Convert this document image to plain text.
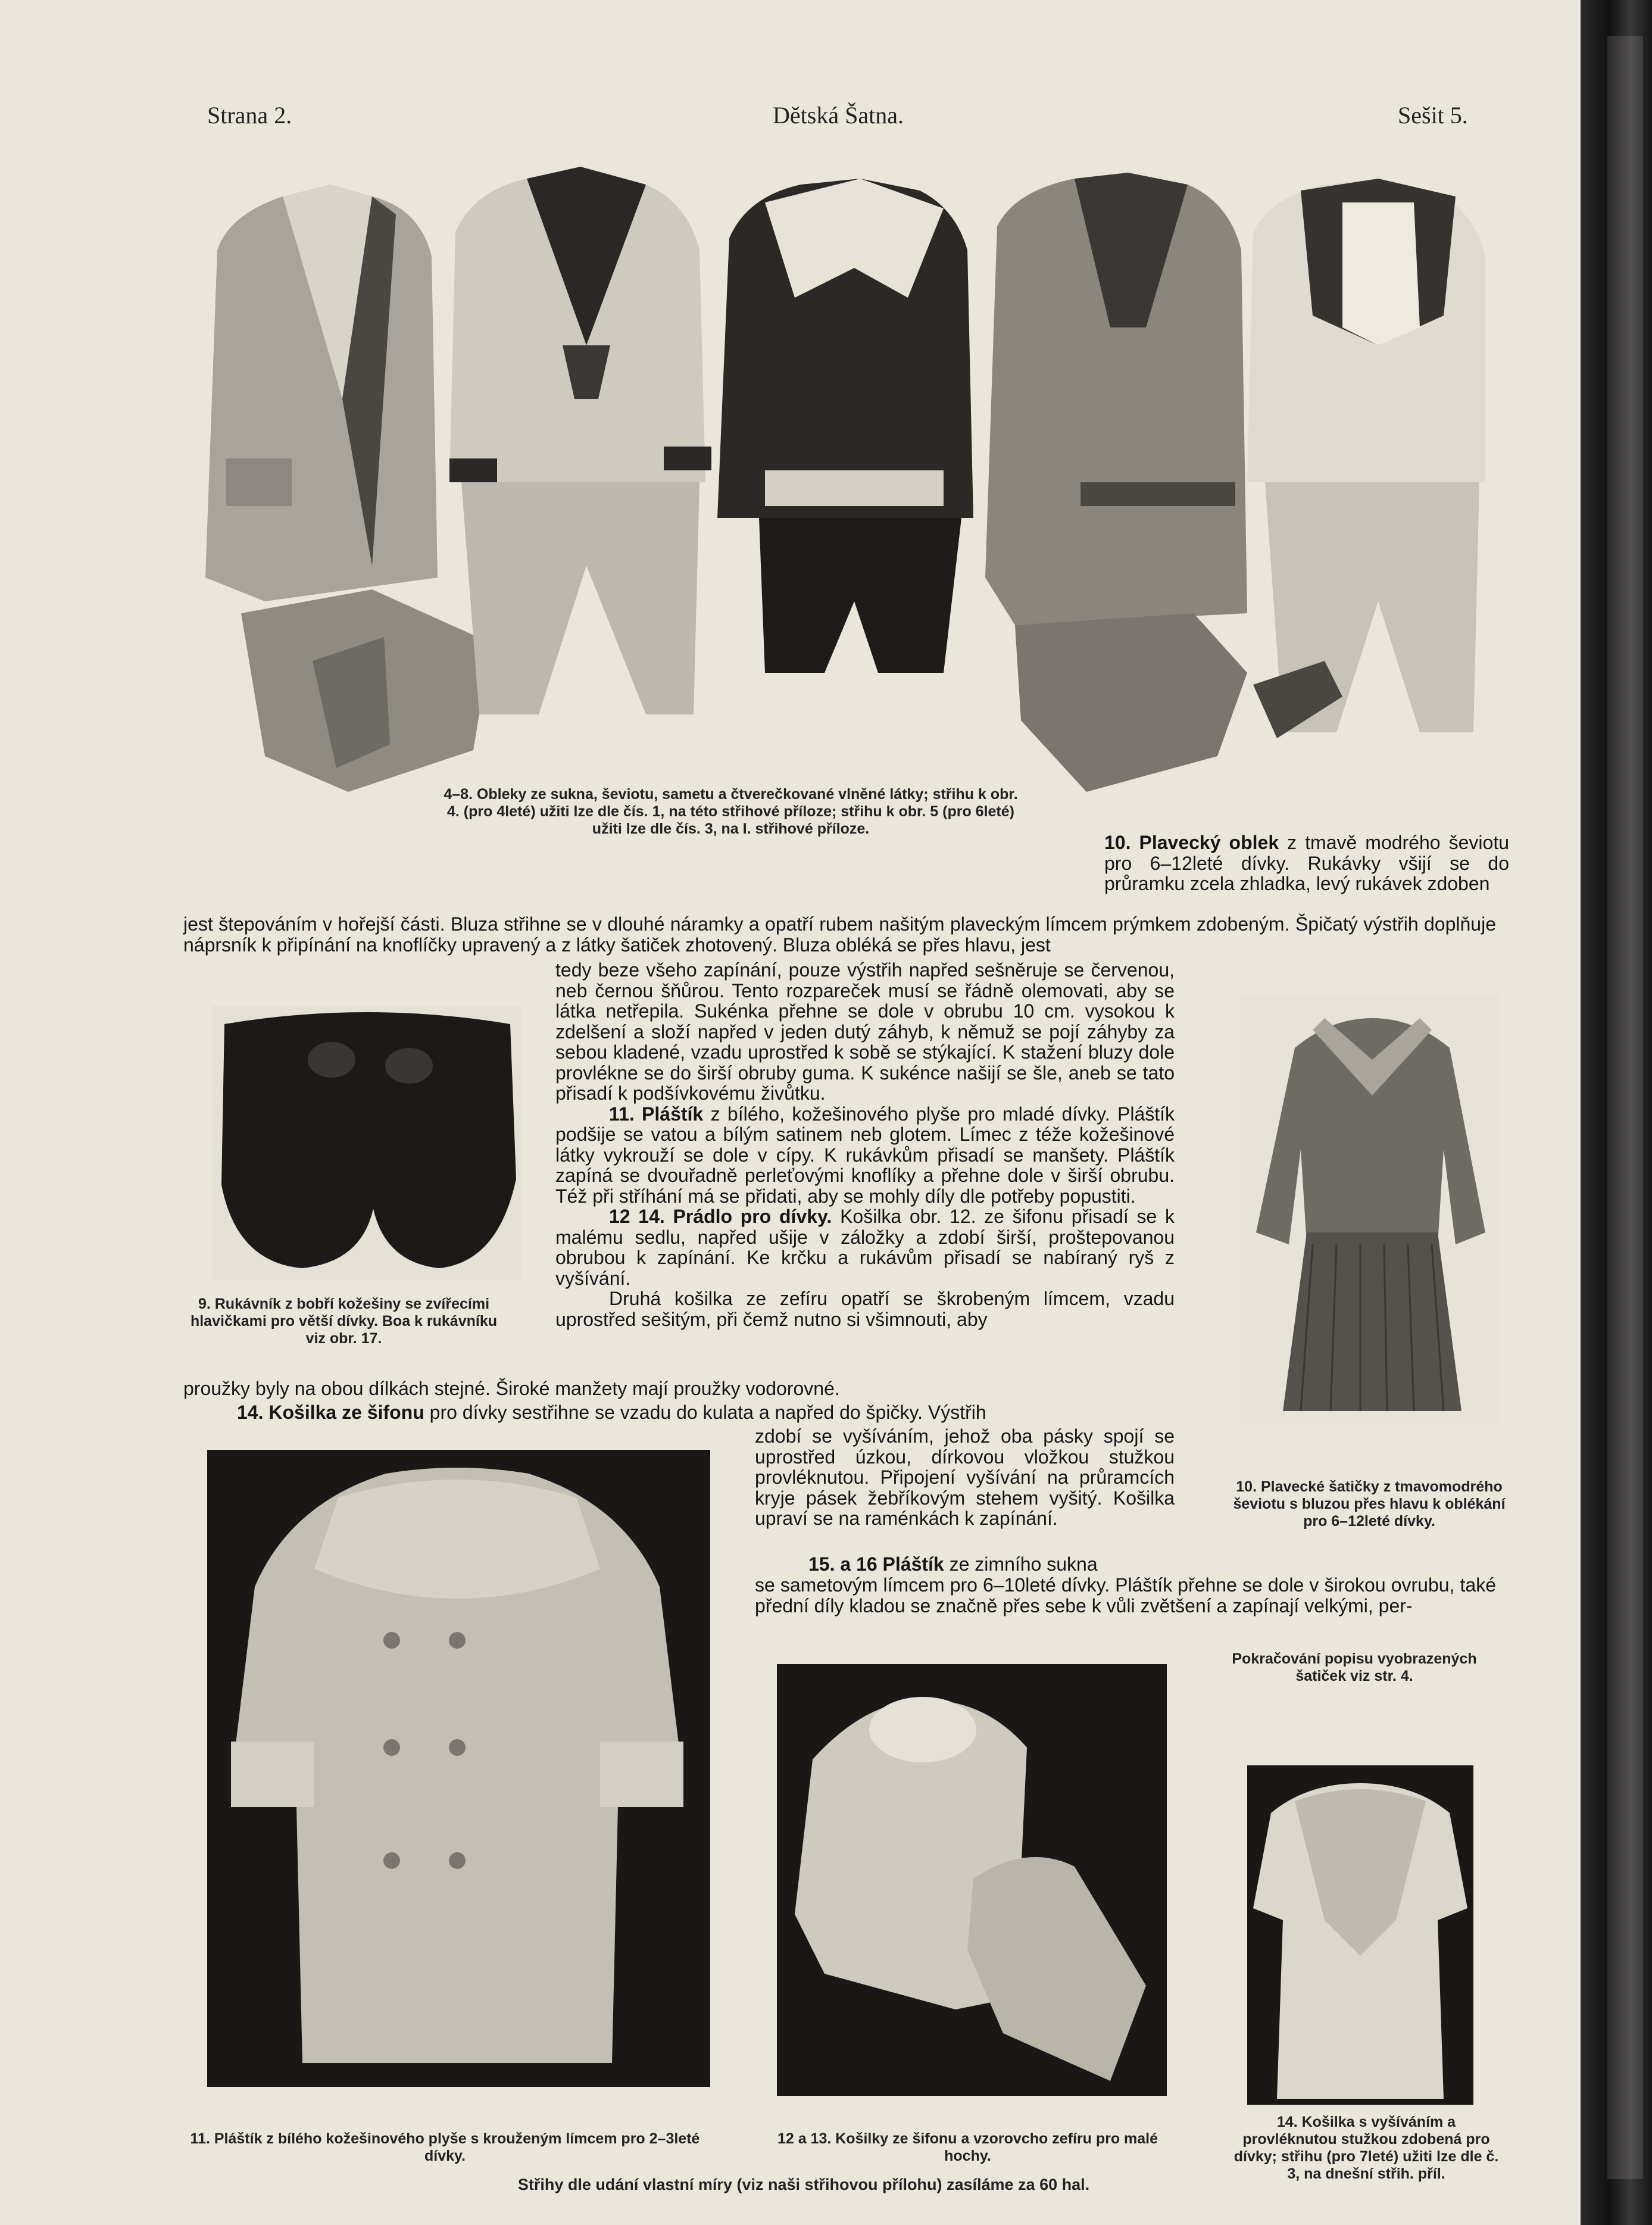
Strana 2.	Dětská Šatna.	Sešit 5.
4–8. Obleky ze sukna, ševiotu, sametu a čtverečkované vlněné látky; střihu k obr. 4. (pro 4leté) užiti lze dle čís. 1, na této střihové příloze; střihu k obr. 5 (pro 6leté) užiti lze dle čís. 3, na I. střihové příloze.

10. Plavecký oblek z tmavě modrého ševiotu pro 6–12leté dívky. Rukávky všijí se do průramku zcela zhladka, levý rukávek zdoben

jest štepováním v hořejší části. Bluza střihne se v dlouhé náramky a opatří rubem našitým plaveckým límcem prýmkem zdobeným. Špičatý výstřih doplňuje náprsník k připínání na knoflíčky upravený a z látky šatiček zhotovený. Bluza obléká se přes hlavu, jest

tedy beze všeho zapínání, pouze výstřih napřed sešněruje se červenou, neb černou šňůrou. Tento rozpareček musí se řádně olemovati, aby se látka netřepila. Sukénka přehne se dole v obrubu 10 cm. vysokou k zdelšení a složí napřed v jeden dutý záhyb, k němuž se pojí záhyby za sebou kladené, vzadu uprostřed k sobě se stýkající. K stažení bluzy dole provlékne se do širší obruby guma. K sukénce našijí se šle, aneb se tato přisadí k podšívkovému živůtku.

11. Pláštík z bílého, kožešinového plyše pro mladé dívky. Pláštík podšije se vatou a bílým satinem neb glotem. Límec z téže kožešinové látky vykrouží se dole v cípy. K rukávkům přisadí se manšety. Pláštík zapíná se dvouřadně perleťovými knoflíky a přehne dole v širší obrubu. Též při stříhání má se přidati, aby se mohly díly dle potřeby popustiti.

12 14. Prádlo pro dívky. Košilka obr. 12. ze šifonu přisadí se k malému sedlu, napřed ušije v záložky a zdobí širší, proštepovanou obrubou k zapínání. Ke krčku a rukávům přisadí se nabíraný ryš z vyšívání.

Druhá košilka ze zefíru opatří se škrobeným límcem, vzadu uprostřed sešitým, při čemž nutno si všimnouti, aby

9. Rukávník z bobří kožešiny se zvířecími hlavičkami pro větší dívky. Boa k rukávníku viz obr. 17.
proužky byly na obou dílkách stejné. Široké manžety mají proužky vodorovné.

14. Košilka ze šifonu pro dívky sestřihne se vzadu do kulata a napřed do špičky. Výstřih

10. Plavecké šatičky z tmavomodrého ševiotu s bluzou přes hlavu k oblékání pro 6–12leté dívky.
zdobí se vyšíváním, jehož oba pásky spojí se uprostřed úzkou, dírkovou vložkou stužkou provléknutou. Připojení vyšívání na průramcích kryje pásek žebříkovým stehem vyšitý. Košilka upraví se na raménkách k zapínání.

15. a 16 Pláštík ze zimního sukna

se sametovým límcem pro 6–10leté dívky. Pláštík přehne se dole v širokou ovrubu, také přední díly kladou se značně přes sebe k vůli zvětšení a zapínají velkými, per-
Pokračování popisu vyobrazených šatiček viz str. 4.
11. Pláštík z bílého kožešinového plyše s krouženým límcem pro 2–3leté dívky.
12 a 13. Košilky ze šifonu a vzorovcho zefíru pro malé hochy.
14. Košilka s vyšíváním a provléknutou stužkou zdobená pro dívky; střihu (pro 7leté) užiti lze dle č. 3, na dnešní střih. příl.
Střihy dle udání vlastní míry (viz naši střihovou přílohu) zasíláme za 60 hal.
